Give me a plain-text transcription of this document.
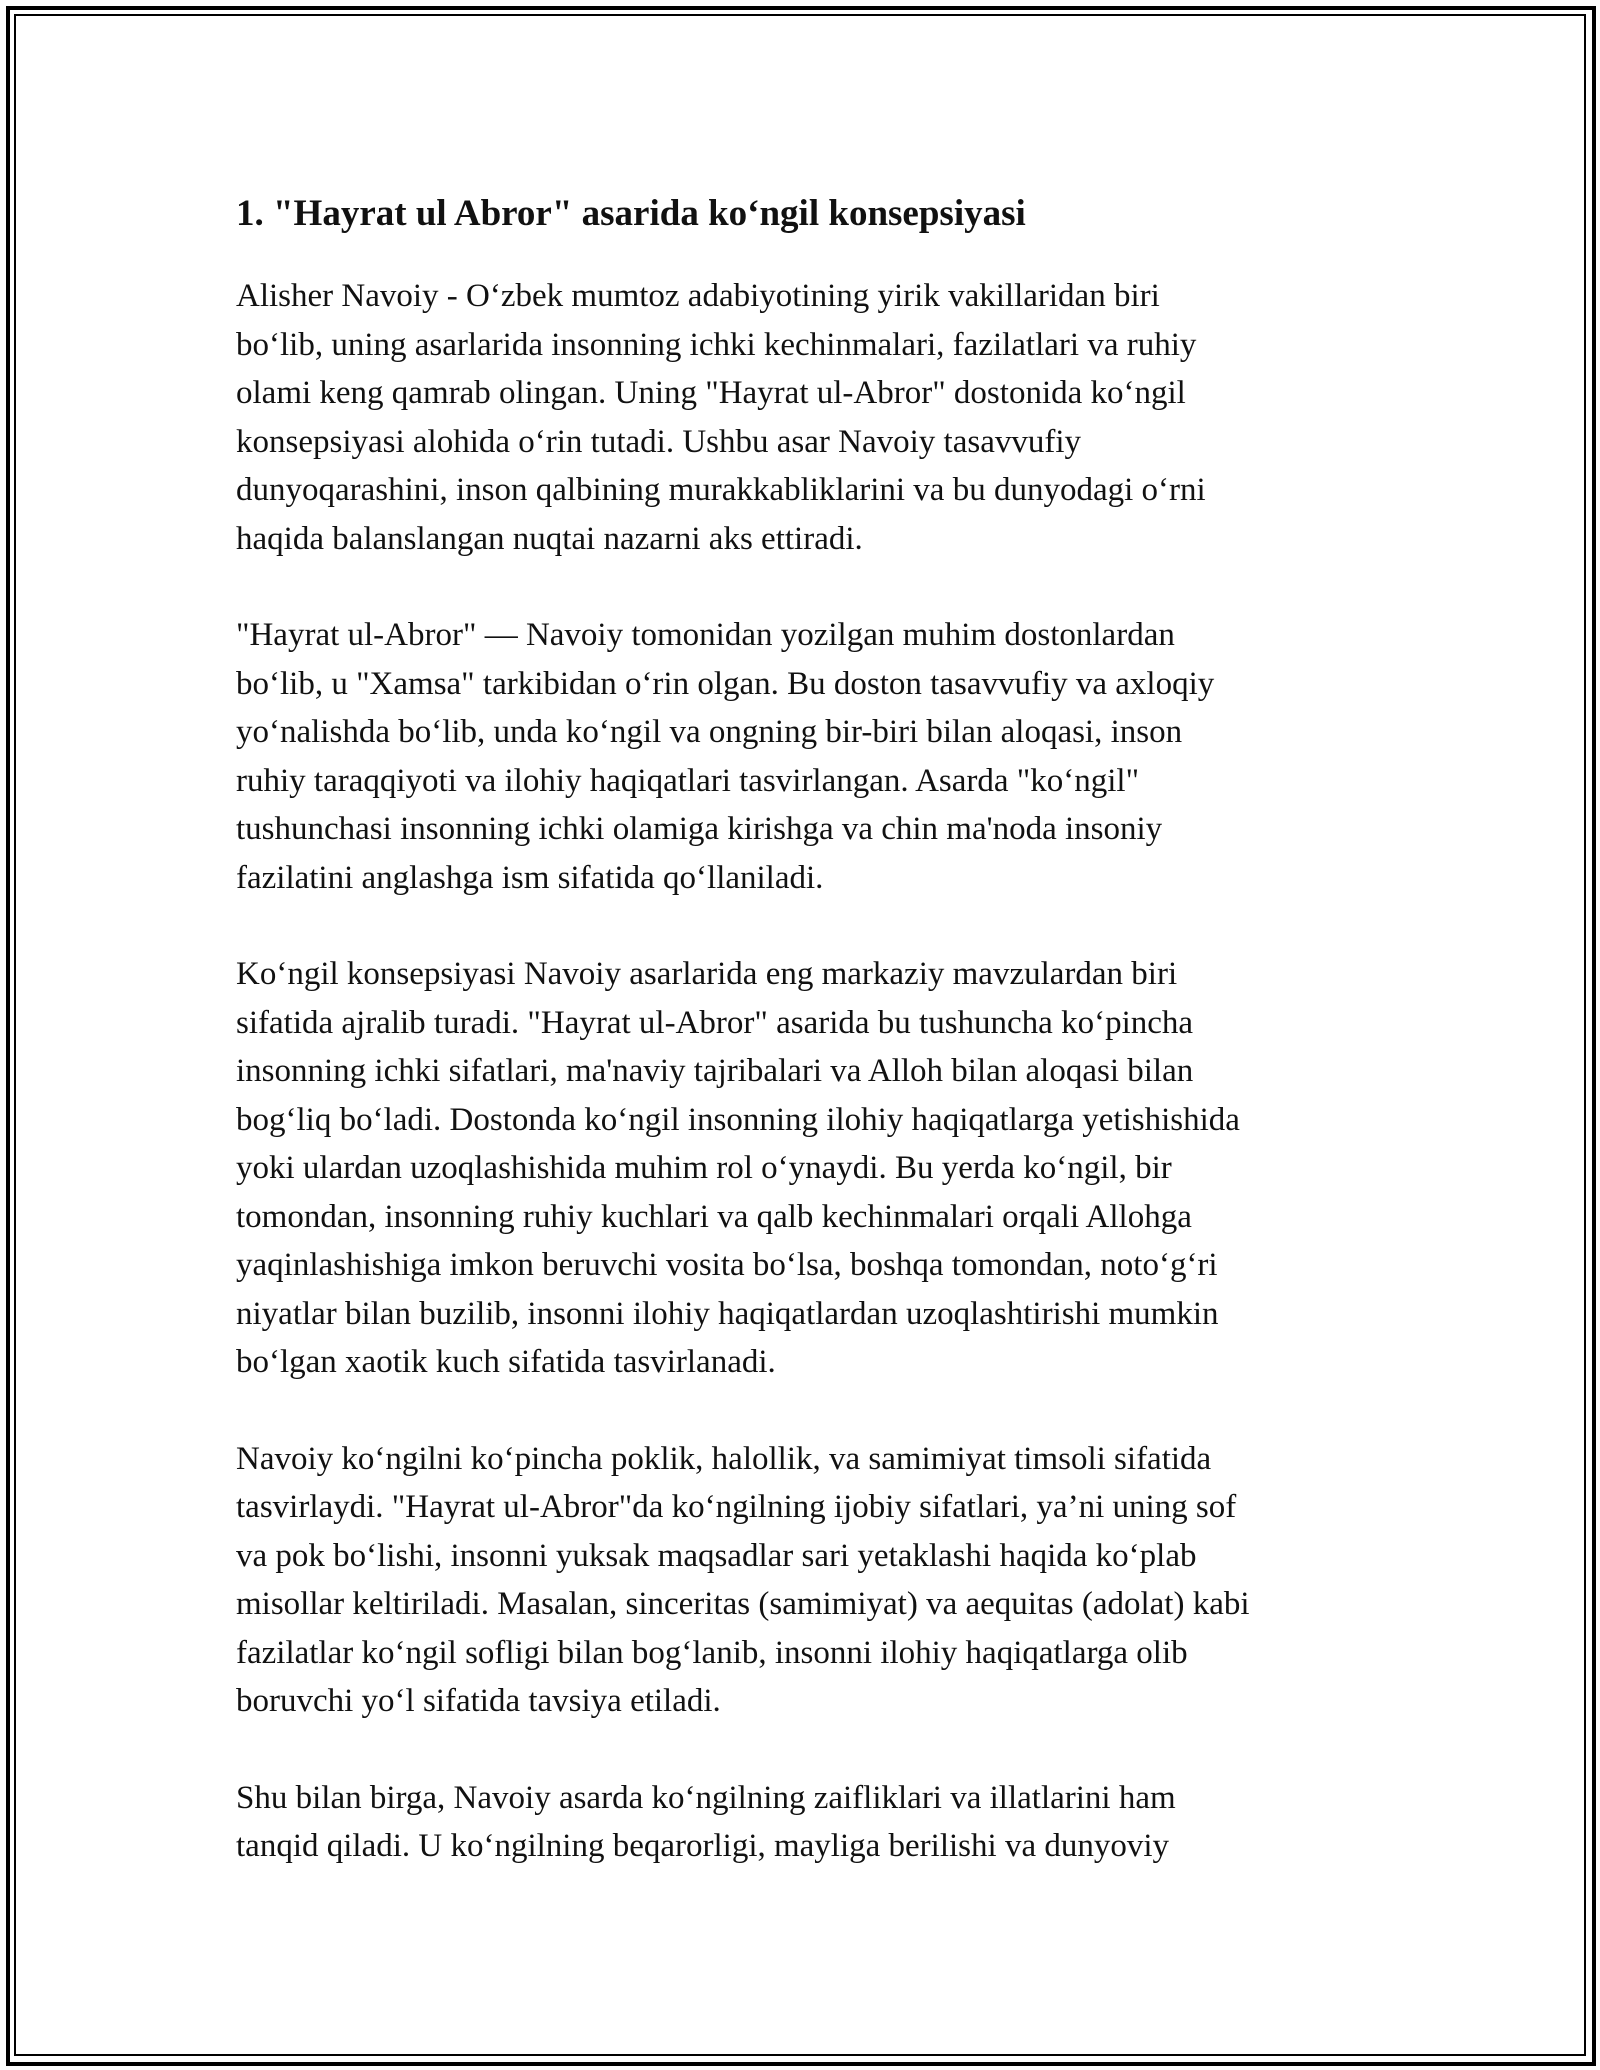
1. "Hayrat ul Abror" asarida ko‘ngil konsepsiyasi

Alisher Navoiy - O‘zbek mumtoz adabiyotining yirik vakillaridan biri
bo‘lib, uning asarlarida insonning ichki kechinmalari, fazilatlari va ruhiy
olami keng qamrab olingan. Uning "Hayrat ul-Abror" dostonida ko‘ngil
konsepsiyasi alohida o‘rin tutadi. Ushbu asar Navoiy tasavvufiy
dunyoqarashini, inson qalbining murakkabliklarini va bu dunyodagi o‘rni
haqida balanslangan nuqtai nazarni aks ettiradi.

"Hayrat ul-Abror" — Navoiy tomonidan yozilgan muhim dostonlardan
bo‘lib, u "Xamsa" tarkibidan o‘rin olgan. Bu doston tasavvufiy va axloqiy
yo‘nalishda bo‘lib, unda ko‘ngil va ongning bir-biri bilan aloqasi, inson
ruhiy taraqqiyoti va ilohiy haqiqatlari tasvirlangan. Asarda "ko‘ngil"
tushunchasi insonning ichki olamiga kirishga va chin ma'noda insoniy
fazilatini anglashga ism sifatida qo‘llaniladi.

Ko‘ngil konsepsiyasi Navoiy asarlarida eng markaziy mavzulardan biri
sifatida ajralib turadi. "Hayrat ul-Abror" asarida bu tushuncha ko‘pincha
insonning ichki sifatlari, ma'naviy tajribalari va Alloh bilan aloqasi bilan
bog‘liq bo‘ladi. Dostonda ko‘ngil insonning ilohiy haqiqatlarga yetishishida
yoki ulardan uzoqlashishida muhim rol o‘ynaydi. Bu yerda ko‘ngil, bir
tomondan, insonning ruhiy kuchlari va qalb kechinmalari orqali Allohga
yaqinlashishiga imkon beruvchi vosita bo‘lsa, boshqa tomondan, noto‘g‘ri
niyatlar bilan buzilib, insonni ilohiy haqiqatlardan uzoqlashtirishi mumkin
bo‘lgan xaotik kuch sifatida tasvirlanadi.

Navoiy ko‘ngilni ko‘pincha poklik, halollik, va samimiyat timsoli sifatida
tasvirlaydi. "Hayrat ul-Abror"da ko‘ngilning ijobiy sifatlari, ya’ni uning sof
va pok bo‘lishi, insonni yuksak maqsadlar sari yetaklashi haqida ko‘plab
misollar keltiriladi. Masalan, sinceritas (samimiyat) va aequitas (adolat) kabi
fazilatlar ko‘ngil sofligi bilan bog‘lanib, insonni ilohiy haqiqatlarga olib
boruvchi yo‘l sifatida tavsiya etiladi.

Shu bilan birga, Navoiy asarda ko‘ngilning zaifliklari va illatlarini ham
tanqid qiladi. U ko‘ngilning beqarorligi, mayliga berilishi va dunyoviy
